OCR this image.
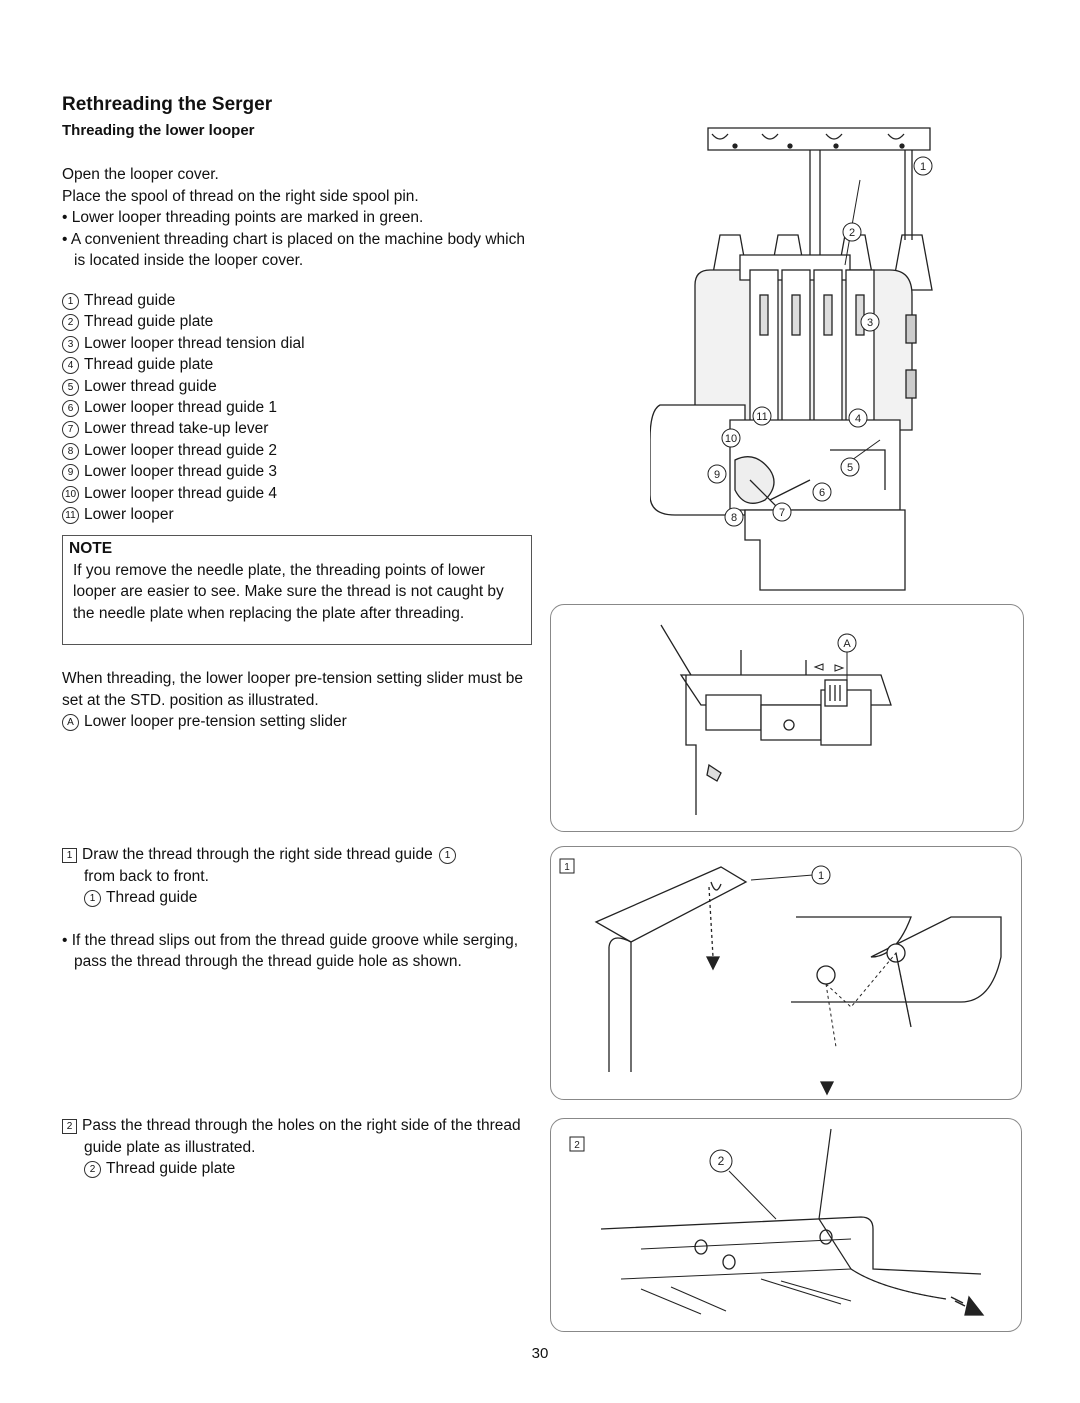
Rethreading the Serger
Threading the lower looper
Open the looper cover.
Place the spool of thread on the right side spool pin.
• Lower looper threading points are marked in green.
• A convenient threading chart is placed on the machine body which is located inside the looper cover.
1 Thread guide
2 Thread guide plate
3 Lower looper thread tension dial
4 Thread guide plate
5 Lower thread guide
6 Lower looper thread guide 1
7 Lower thread take-up lever
8 Lower looper thread guide 2
9 Lower looper thread guide 3
10 Lower looper thread guide 4
11 Lower looper
NOTE
If you remove the needle plate, the threading points of lower looper are easier to see. Make sure the thread is not caught by the needle plate when replacing the plate after threading.
When threading, the lower looper pre-tension setting slider must be set at the STD. position as illustrated.
A Lower looper pre-tension setting slider
1 Draw the thread through the right side thread guide 1
from back to front.
1 Thread guide
• If the thread slips out from the thread guide groove while serging, pass the thread through the thread guide hole as shown.
2 Pass the thread through the holes on the right side of the thread guide plate as illustrated.
2 Thread guide plate
1
2
3
4
5
6
7
8
9
10
11
A
1
1
2
2
30
